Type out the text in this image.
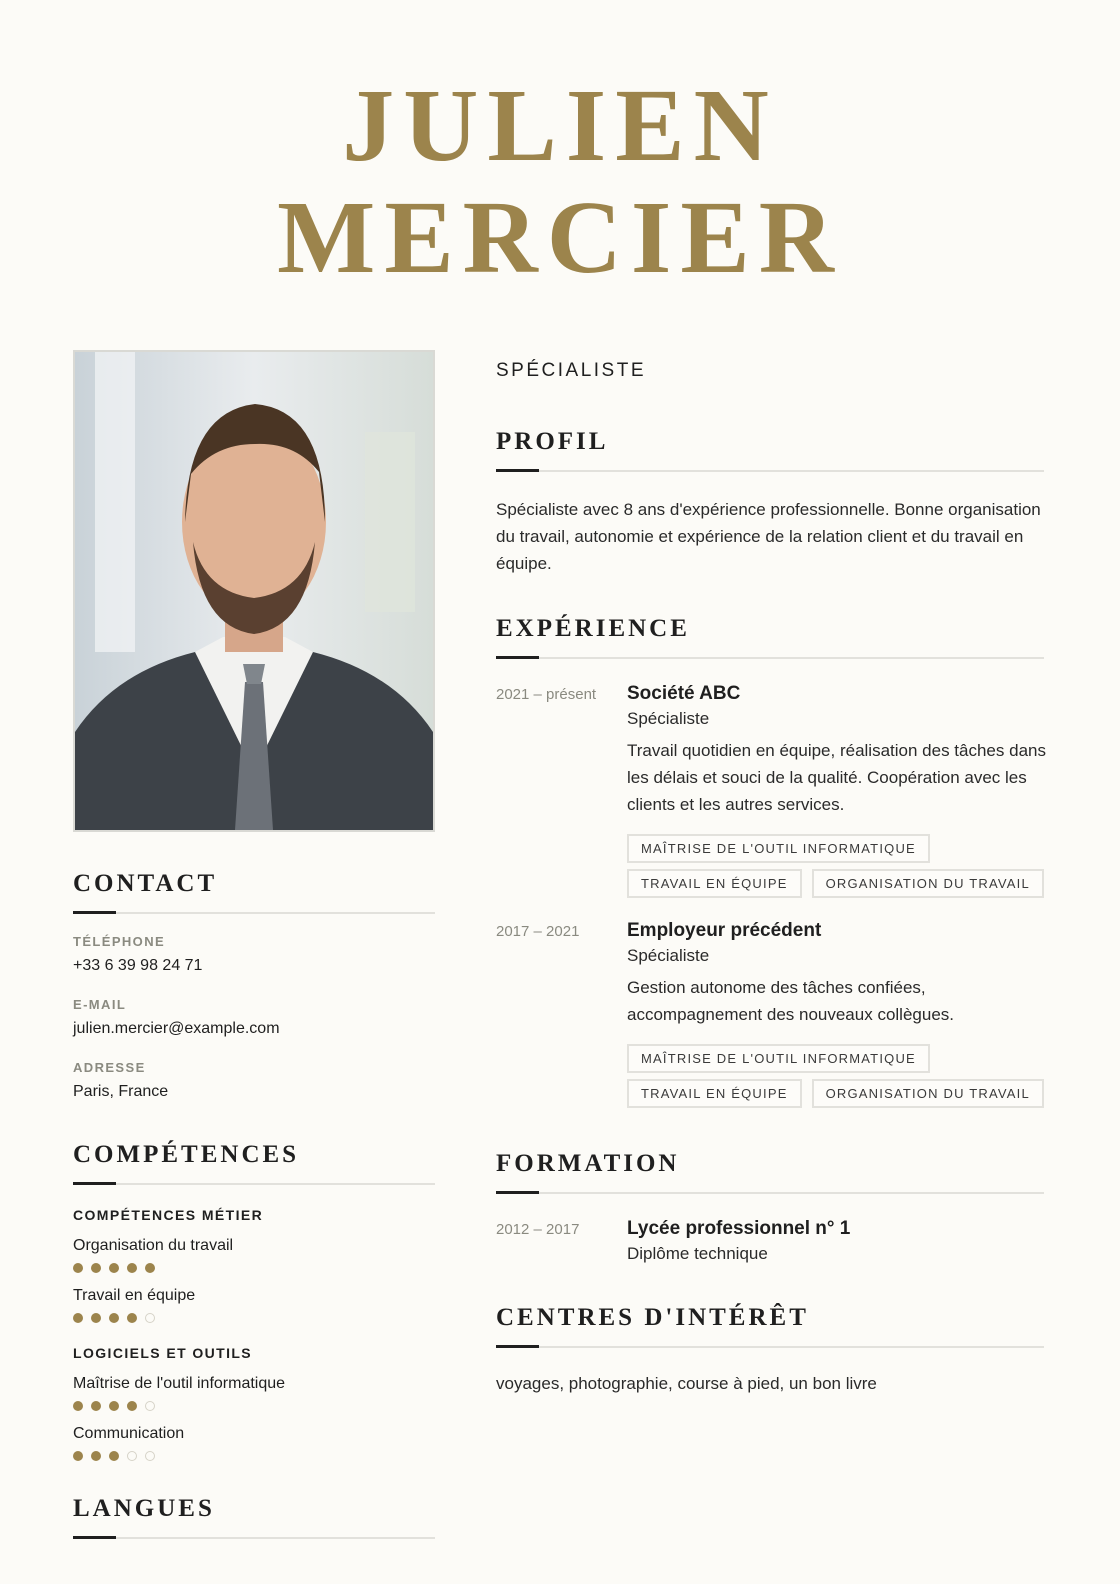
JULIEN
MERCIER
CONTACT
TÉLÉPHONE
+33 6 39 98 24 71
E-MAIL
julien.mercier@example.com
ADRESSE
Paris, France
COMPÉTENCES
COMPÉTENCES MÉTIER
Organisation du travail
Travail en équipe
LOGICIELS ET OUTILS
Maîtrise de l'outil informatique
Communication
LANGUES
SPÉCIALISTE
PROFIL

Spécialiste avec 8 ans d'expérience professionnelle. Bonne organisation du travail, autonomie et expérience de la relation client et du travail en équipe.

EXPÉRIENCE
2021 – présent	Société ABC
Spécialiste

Travail quotidien en équipe, réalisation des tâches dans les délais et souci de la qualité. Coopération avec les clients et les autres services.

MAÎTRISE DE L'OUTIL INFORMATIQUE
TRAVAIL EN ÉQUIPE	ORGANISATION DU TRAVAIL
2017 – 2021	Employeur précédent
Spécialiste

Gestion autonome des tâches confiées, accompagnement des nouveaux collègues.

MAÎTRISE DE L'OUTIL INFORMATIQUE
TRAVAIL EN ÉQUIPE	ORGANISATION DU TRAVAIL
FORMATION
2012 – 2017	Lycée professionnel n° 1
Diplôme technique
CENTRES D'INTÉRÊT

voyages, photographie, course à pied, un bon livre
